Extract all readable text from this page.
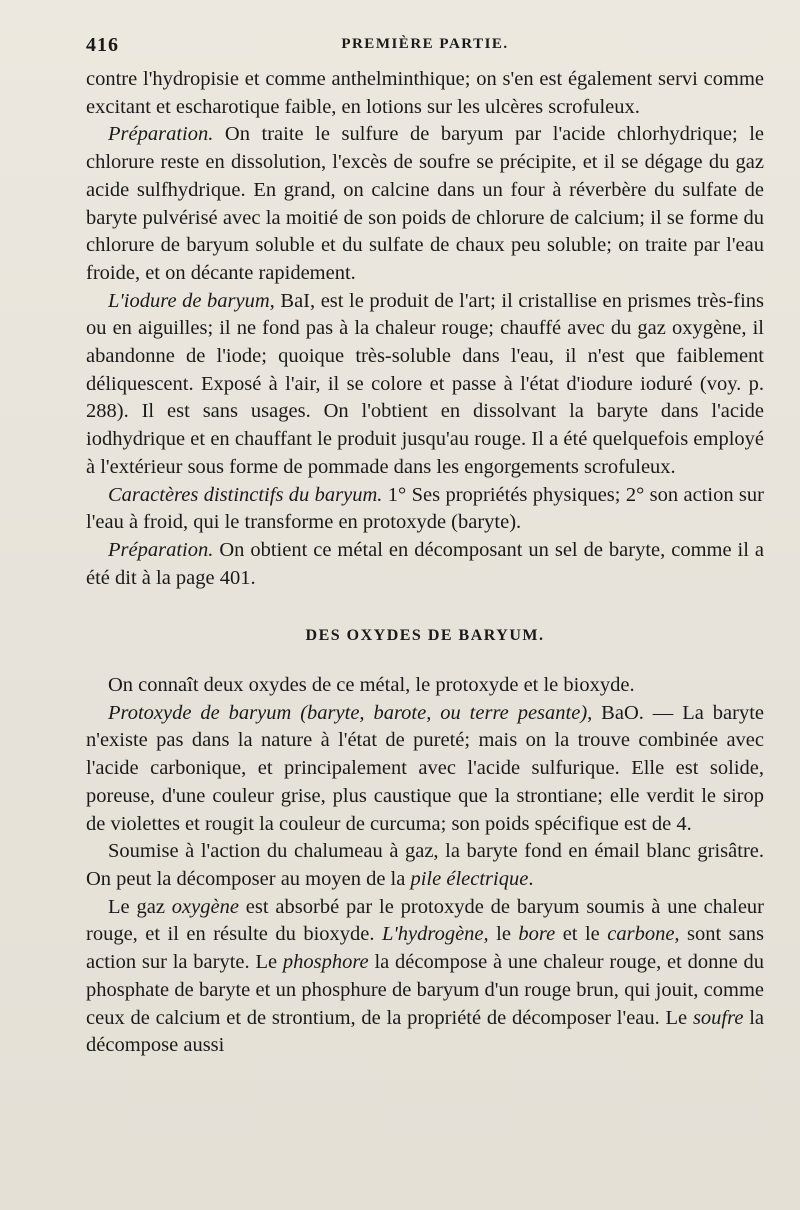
416	PREMIÈRE PARTIE.

contre l'hydropisie et comme anthelminthique; on s'en est également servi comme excitant et escharotique faible, en lotions sur les ulcères scrofuleux.

Préparation. On traite le sulfure de baryum par l'acide chlorhydrique; le chlorure reste en dissolution, l'excès de soufre se précipite, et il se dégage du gaz acide sulfhydrique. En grand, on calcine dans un four à réverbère du sulfate de baryte pulvérisé avec la moitié de son poids de chlorure de calcium; il se forme du chlorure de baryum soluble et du sulfate de chaux peu soluble; on traite par l'eau froide, et on décante rapidement.

L'iodure de baryum, BaI, est le produit de l'art; il cristallise en prismes très-fins ou en aiguilles; il ne fond pas à la chaleur rouge; chauffé avec du gaz oxygène, il abandonne de l'iode; quoique très-soluble dans l'eau, il n'est que faiblement déliquescent. Exposé à l'air, il se colore et passe à l'état d'iodure ioduré (voy. p. 288). Il est sans usages. On l'obtient en dissolvant la baryte dans l'acide iodhydrique et en chauffant le produit jusqu'au rouge. Il a été quelquefois employé à l'extérieur sous forme de pommade dans les engorgements scrofuleux.

Caractères distinctifs du baryum. 1° Ses propriétés physiques; 2° son action sur l'eau à froid, qui le transforme en protoxyde (baryte).

Préparation. On obtient ce métal en décomposant un sel de baryte, comme il a été dit à la page 401.

DES OXYDES DE BARYUM.

On connaît deux oxydes de ce métal, le protoxyde et le bioxyde.

Protoxyde de baryum (baryte, barote, ou terre pesante), BaO. — La baryte n'existe pas dans la nature à l'état de pureté; mais on la trouve combinée avec l'acide carbonique, et principalement avec l'acide sulfurique. Elle est solide, poreuse, d'une couleur grise, plus caustique que la strontiane; elle verdit le sirop de violettes et rougit la couleur de curcuma; son poids spécifique est de 4.

Soumise à l'action du chalumeau à gaz, la baryte fond en émail blanc grisâtre. On peut la décomposer au moyen de la pile électrique.

Le gaz oxygène est absorbé par le protoxyde de baryum soumis à une chaleur rouge, et il en résulte du bioxyde. L'hydrogène, le bore et le carbone, sont sans action sur la baryte. Le phosphore la décompose à une chaleur rouge, et donne du phosphate de baryte et un phosphure de baryum d'un rouge brun, qui jouit, comme ceux de calcium et de strontium, de la propriété de décomposer l'eau. Le soufre la décompose aussi
